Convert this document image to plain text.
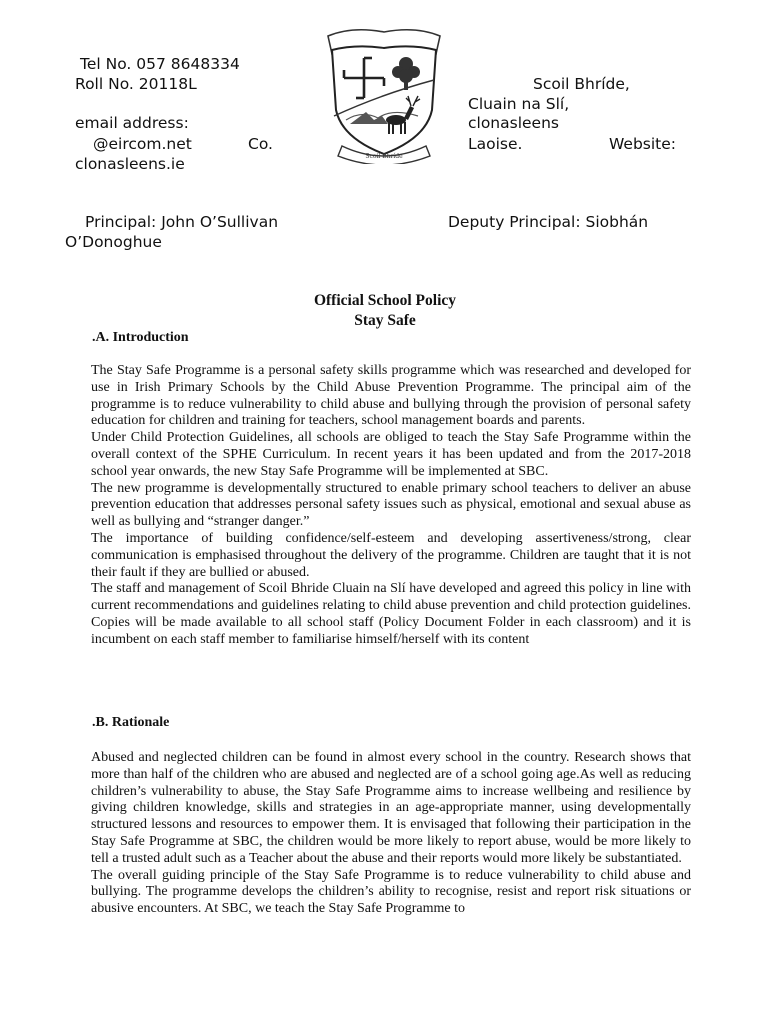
Tel No. 057 8648334
Roll No. 20118L
email address:
@eircom.net	Co.
clonasleens.ie	Scoil Bhríde
Scoil Bhríde,
Cluain na Slí,
clonasleens
Laoise.	Website:
Principal: John O’Sullivan	Deputy Principal: Siobhán
O’Donoghue
Official School Policy
Stay Safe
.A. Introduction

The Stay Safe Programme is a personal safety skills programme which was researched and developed for use in Irish Primary Schools by the Child Abuse Prevention Programme. The principal aim of the programme is to reduce vulnerability to child abuse and bullying through the provision of personal safety education for children and training for teachers, school management boards and parents.

Under Child Protection Guidelines, all schools are obliged to teach the Stay Safe Programme within the overall context of the SPHE Curriculum. In recent years it has been updated and from the 2017-2018 school year onwards, the new Stay Safe Programme will be implemented at SBC.

The new programme is developmentally structured to enable primary school teachers to deliver an abuse prevention education that addresses personal safety issues such as physical, emotional and sexual abuse as well as bullying and “stranger danger.”

The importance of building confidence/self-esteem and developing assertiveness/strong, clear communication is emphasised throughout the delivery of the programme. Children are taught that it is not their fault if they are bullied or abused.

The staff and management of Scoil Bhride Cluain na Slí have developed and agreed this policy in line with current recommendations and guidelines relating to child abuse prevention and child protection guidelines. Copies will be made available to all school staff (Policy Document Folder in each classroom) and it is incumbent on each staff member to familiarise himself/herself with its content

.B. Rationale

Abused and neglected children can be found in almost every school in the country. Research shows that more than half of the children who are abused and neglected are of a school going age.As well as reducing children’s vulnerability to abuse, the Stay Safe Programme aims to increase wellbeing and resilience by giving children knowledge, skills and strategies in an age-appropriate manner, using developmentally structured lessons and resources to empower them. It is envisaged that following their participation in the Stay Safe Programme at SBC, the children would be more likely to report abuse, would be more likely to tell a trusted adult such as a Teacher about the abuse and their reports would more likely be substantiated.

The overall guiding principle of the Stay Safe Programme is to reduce vulnerability to child abuse and bullying. The programme develops the children’s ability to recognise, resist and report risk situations or abusive encounters. At SBC, we teach the Stay Safe Programme to
